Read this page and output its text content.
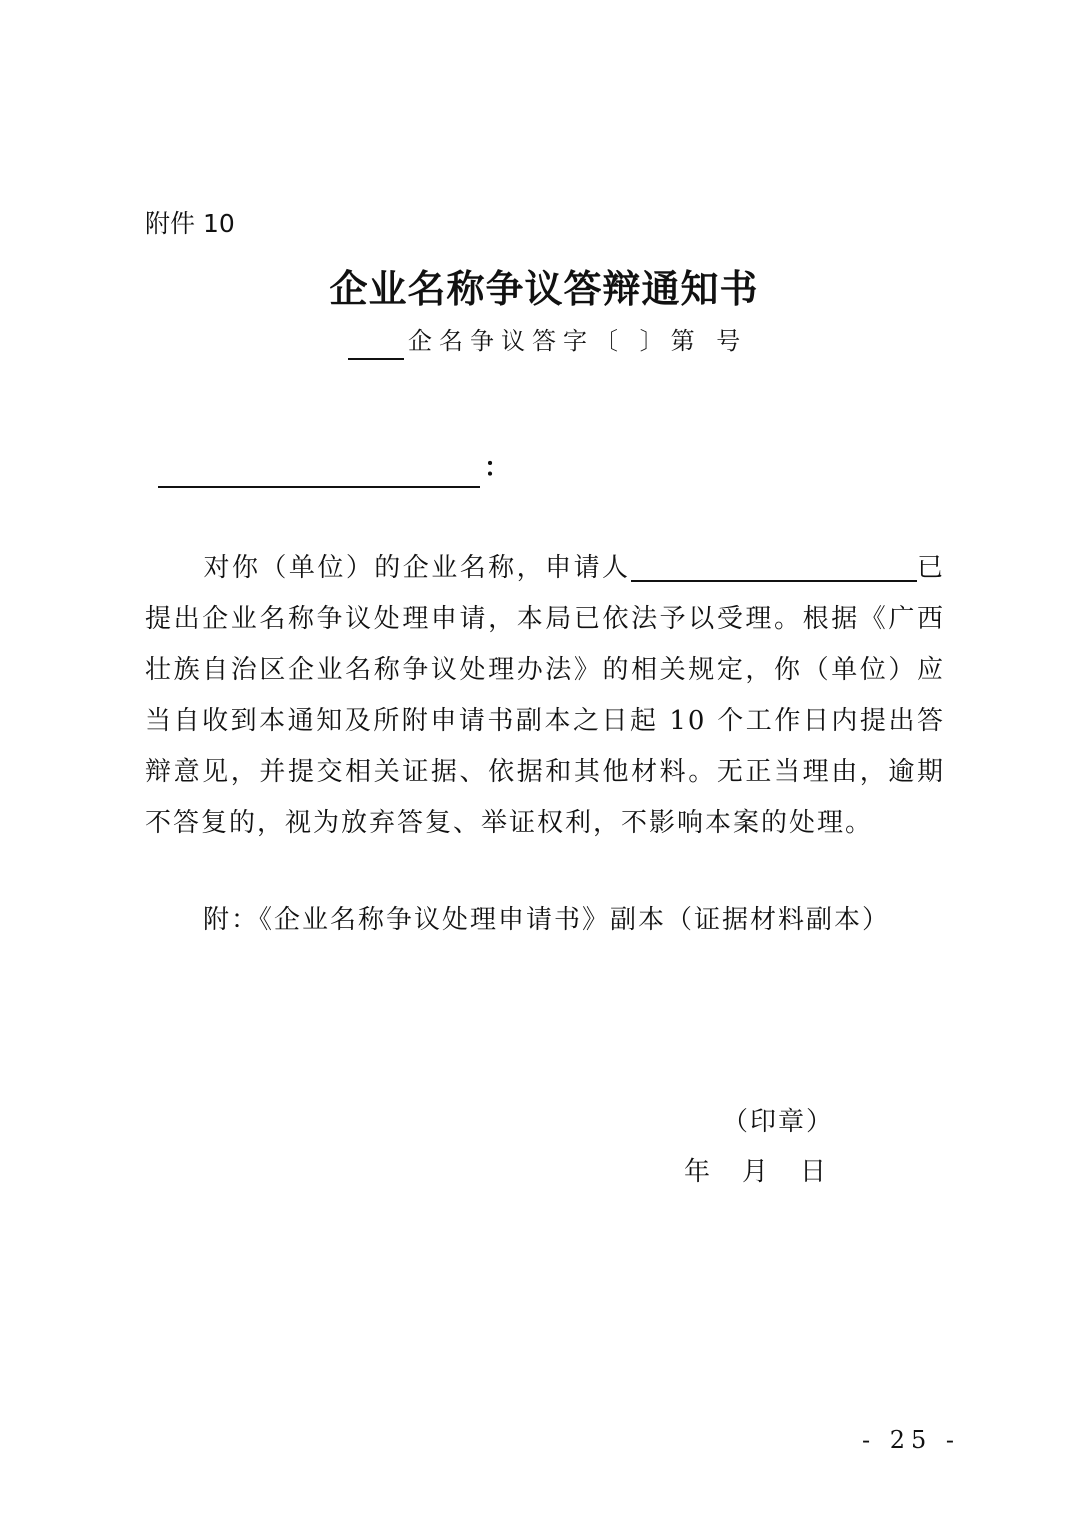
附件 10
企业名称争议答辩通知书
企名争议答字〔 〕第 号
：
对你（单位）的企业名称，申请人	已提出企业名称争议处理申请，本局已依法予以受理。根据《广西壮族自治区企业名称争议处理办法》的相关规定，你（单位）应当自收到本通知及所附申请书副本之日起 10 个工作日内提出答辩意见，并提交相关证据、依据和其他材料。无正当理由，逾期不答复的，视为放弃答复、举证权利，不影响本案的处理。
附：《企业名称争议处理申请书》副本（证据材料副本）
（印章）
年 月 日
- 25 -
